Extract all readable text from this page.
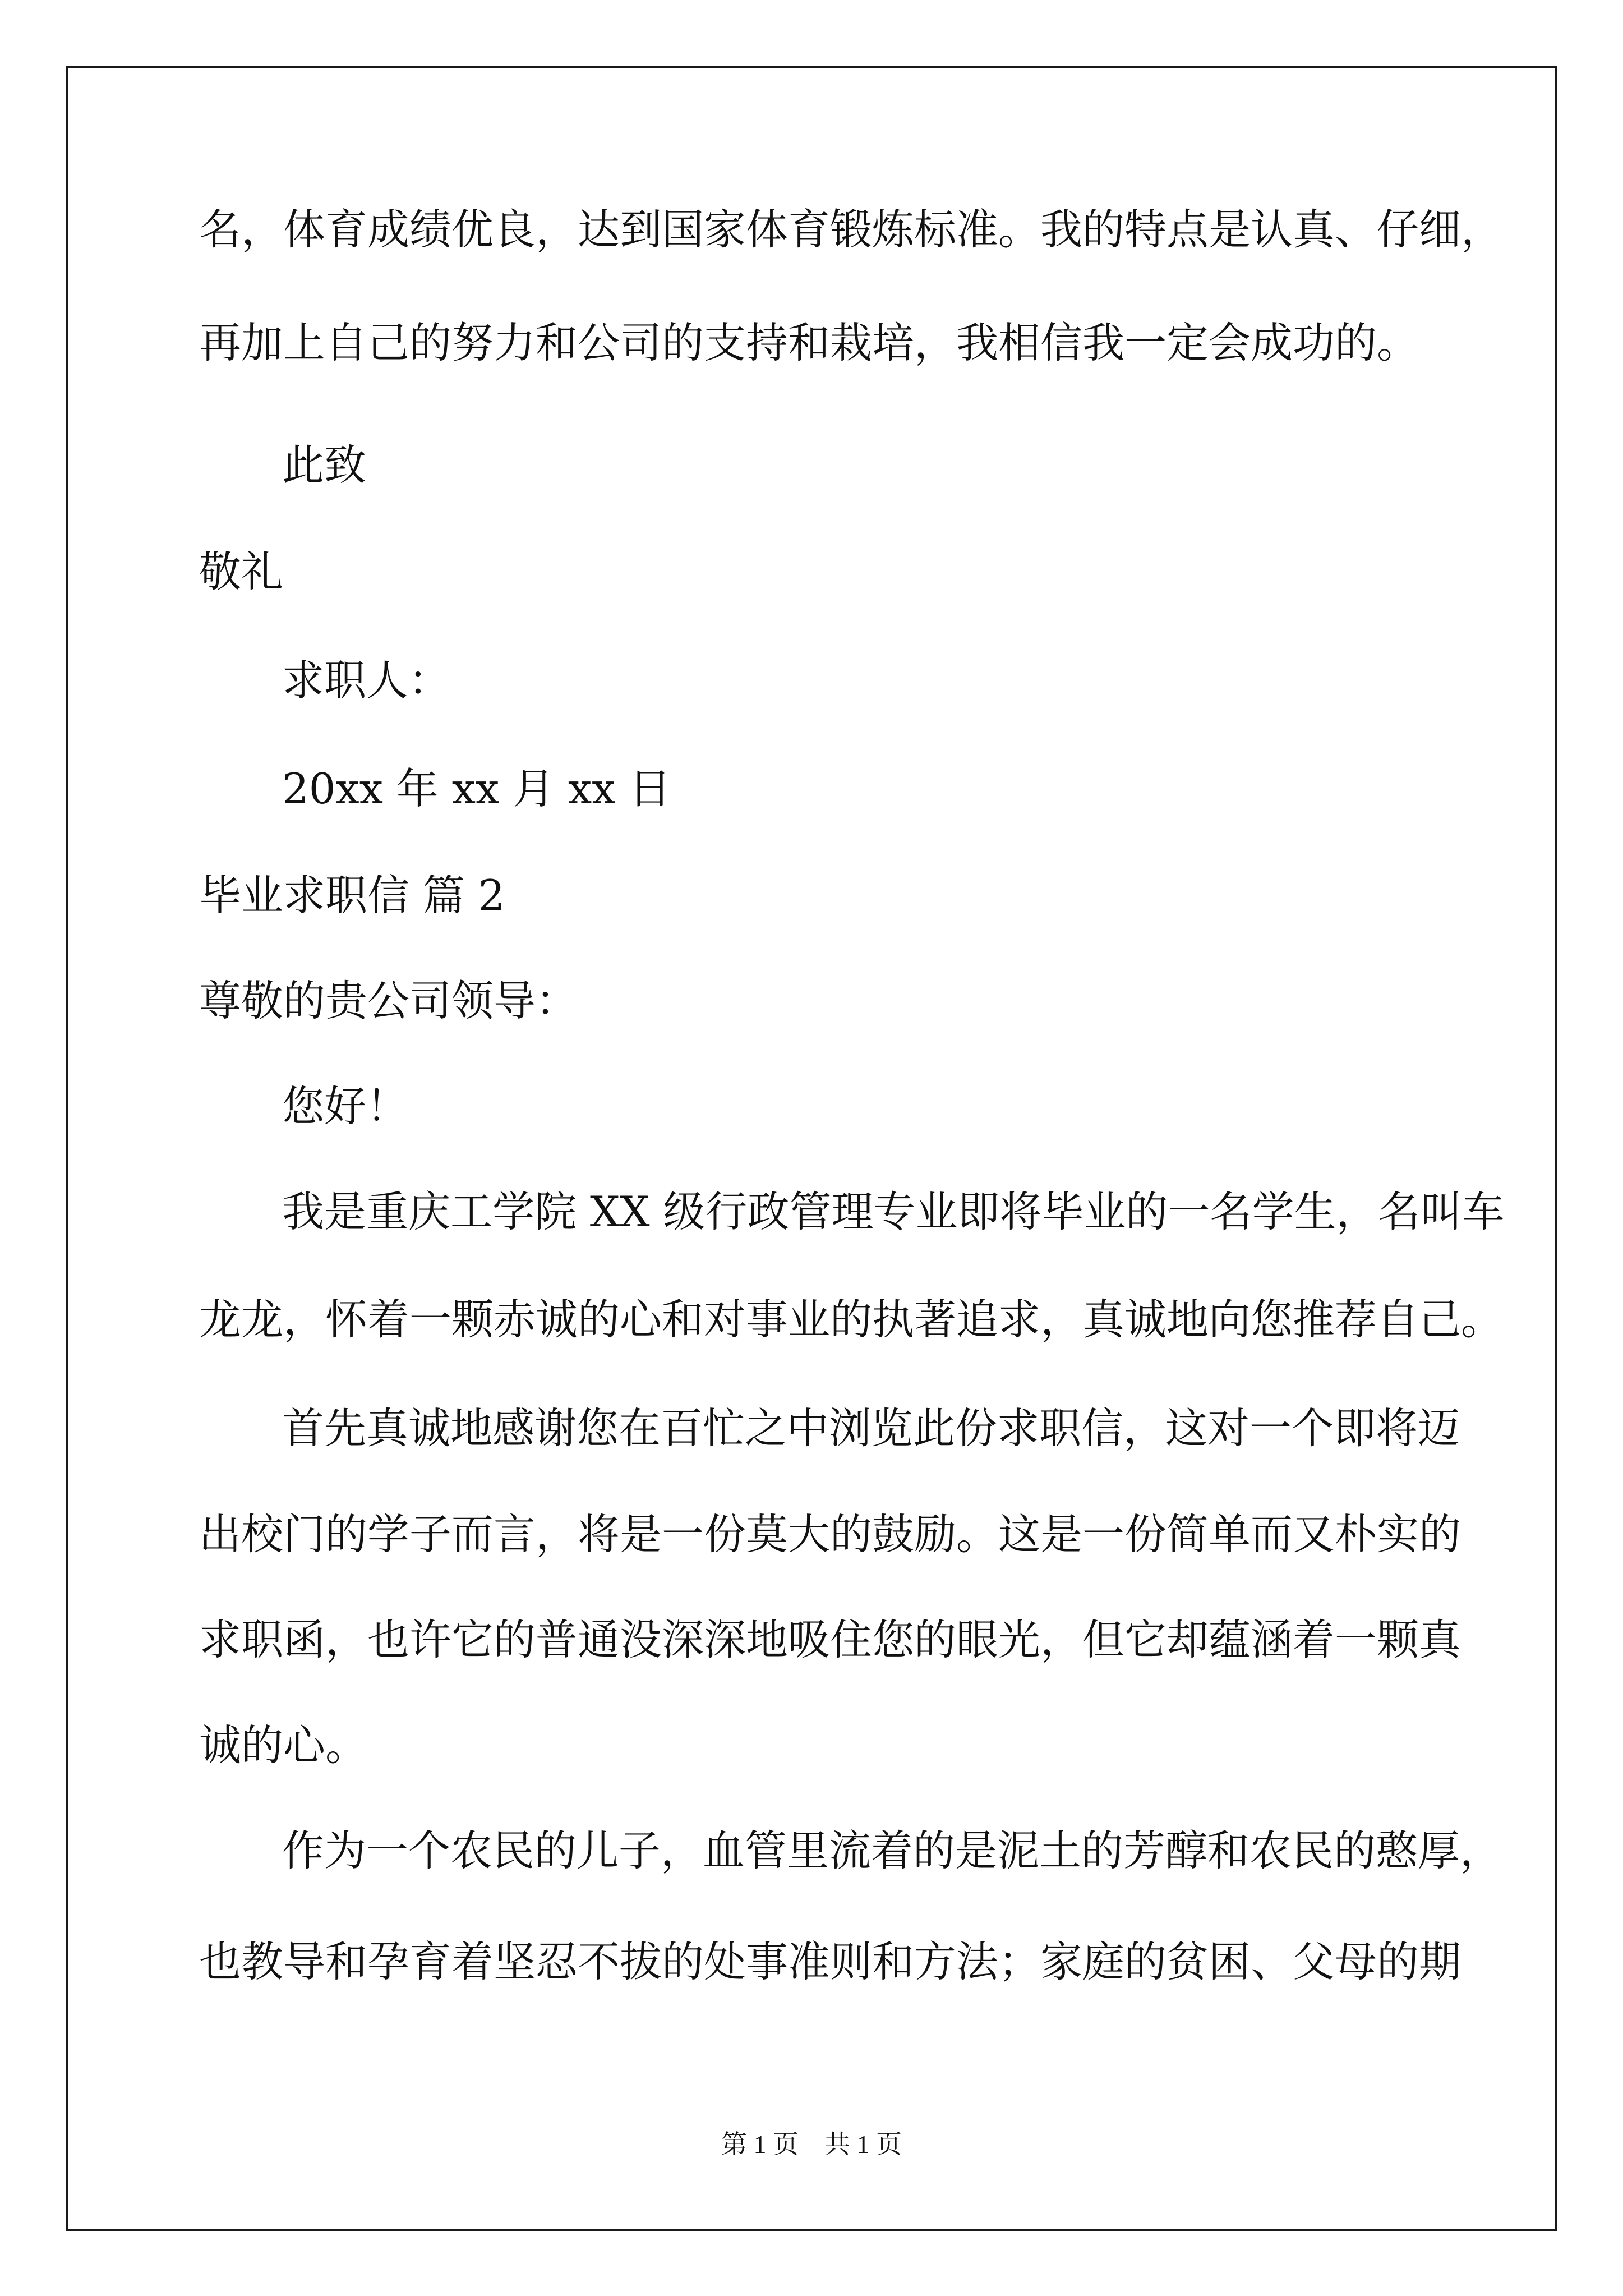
名，体育成绩优良，达到国家体育锻炼标准。我的特点是认真、仔细，
再加上自己的努力和公司的支持和栽培，我相信我一定会成功的。
此致
敬礼
求职人：
20xx 年 xx 月 xx 日
毕业求职信 篇 2
尊敬的贵公司领导：
您好！
我是重庆工学院 XX 级行政管理专业即将毕业的一名学生，名叫车
龙龙，怀着一颗赤诚的心和对事业的执著追求，真诚地向您推荐自己。
首先真诚地感谢您在百忙之中浏览此份求职信，这对一个即将迈
出校门的学子而言，将是一份莫大的鼓励。这是一份简单而又朴实的
求职函，也许它的普通没深深地吸住您的眼光，但它却蕴涵着一颗真
诚的心。
作为一个农民的儿子，血管里流着的是泥土的芳醇和农民的憨厚，
也教导和孕育着坚忍不拔的处事准则和方法；家庭的贫困、父母的期
第 1 页　共 1 页
